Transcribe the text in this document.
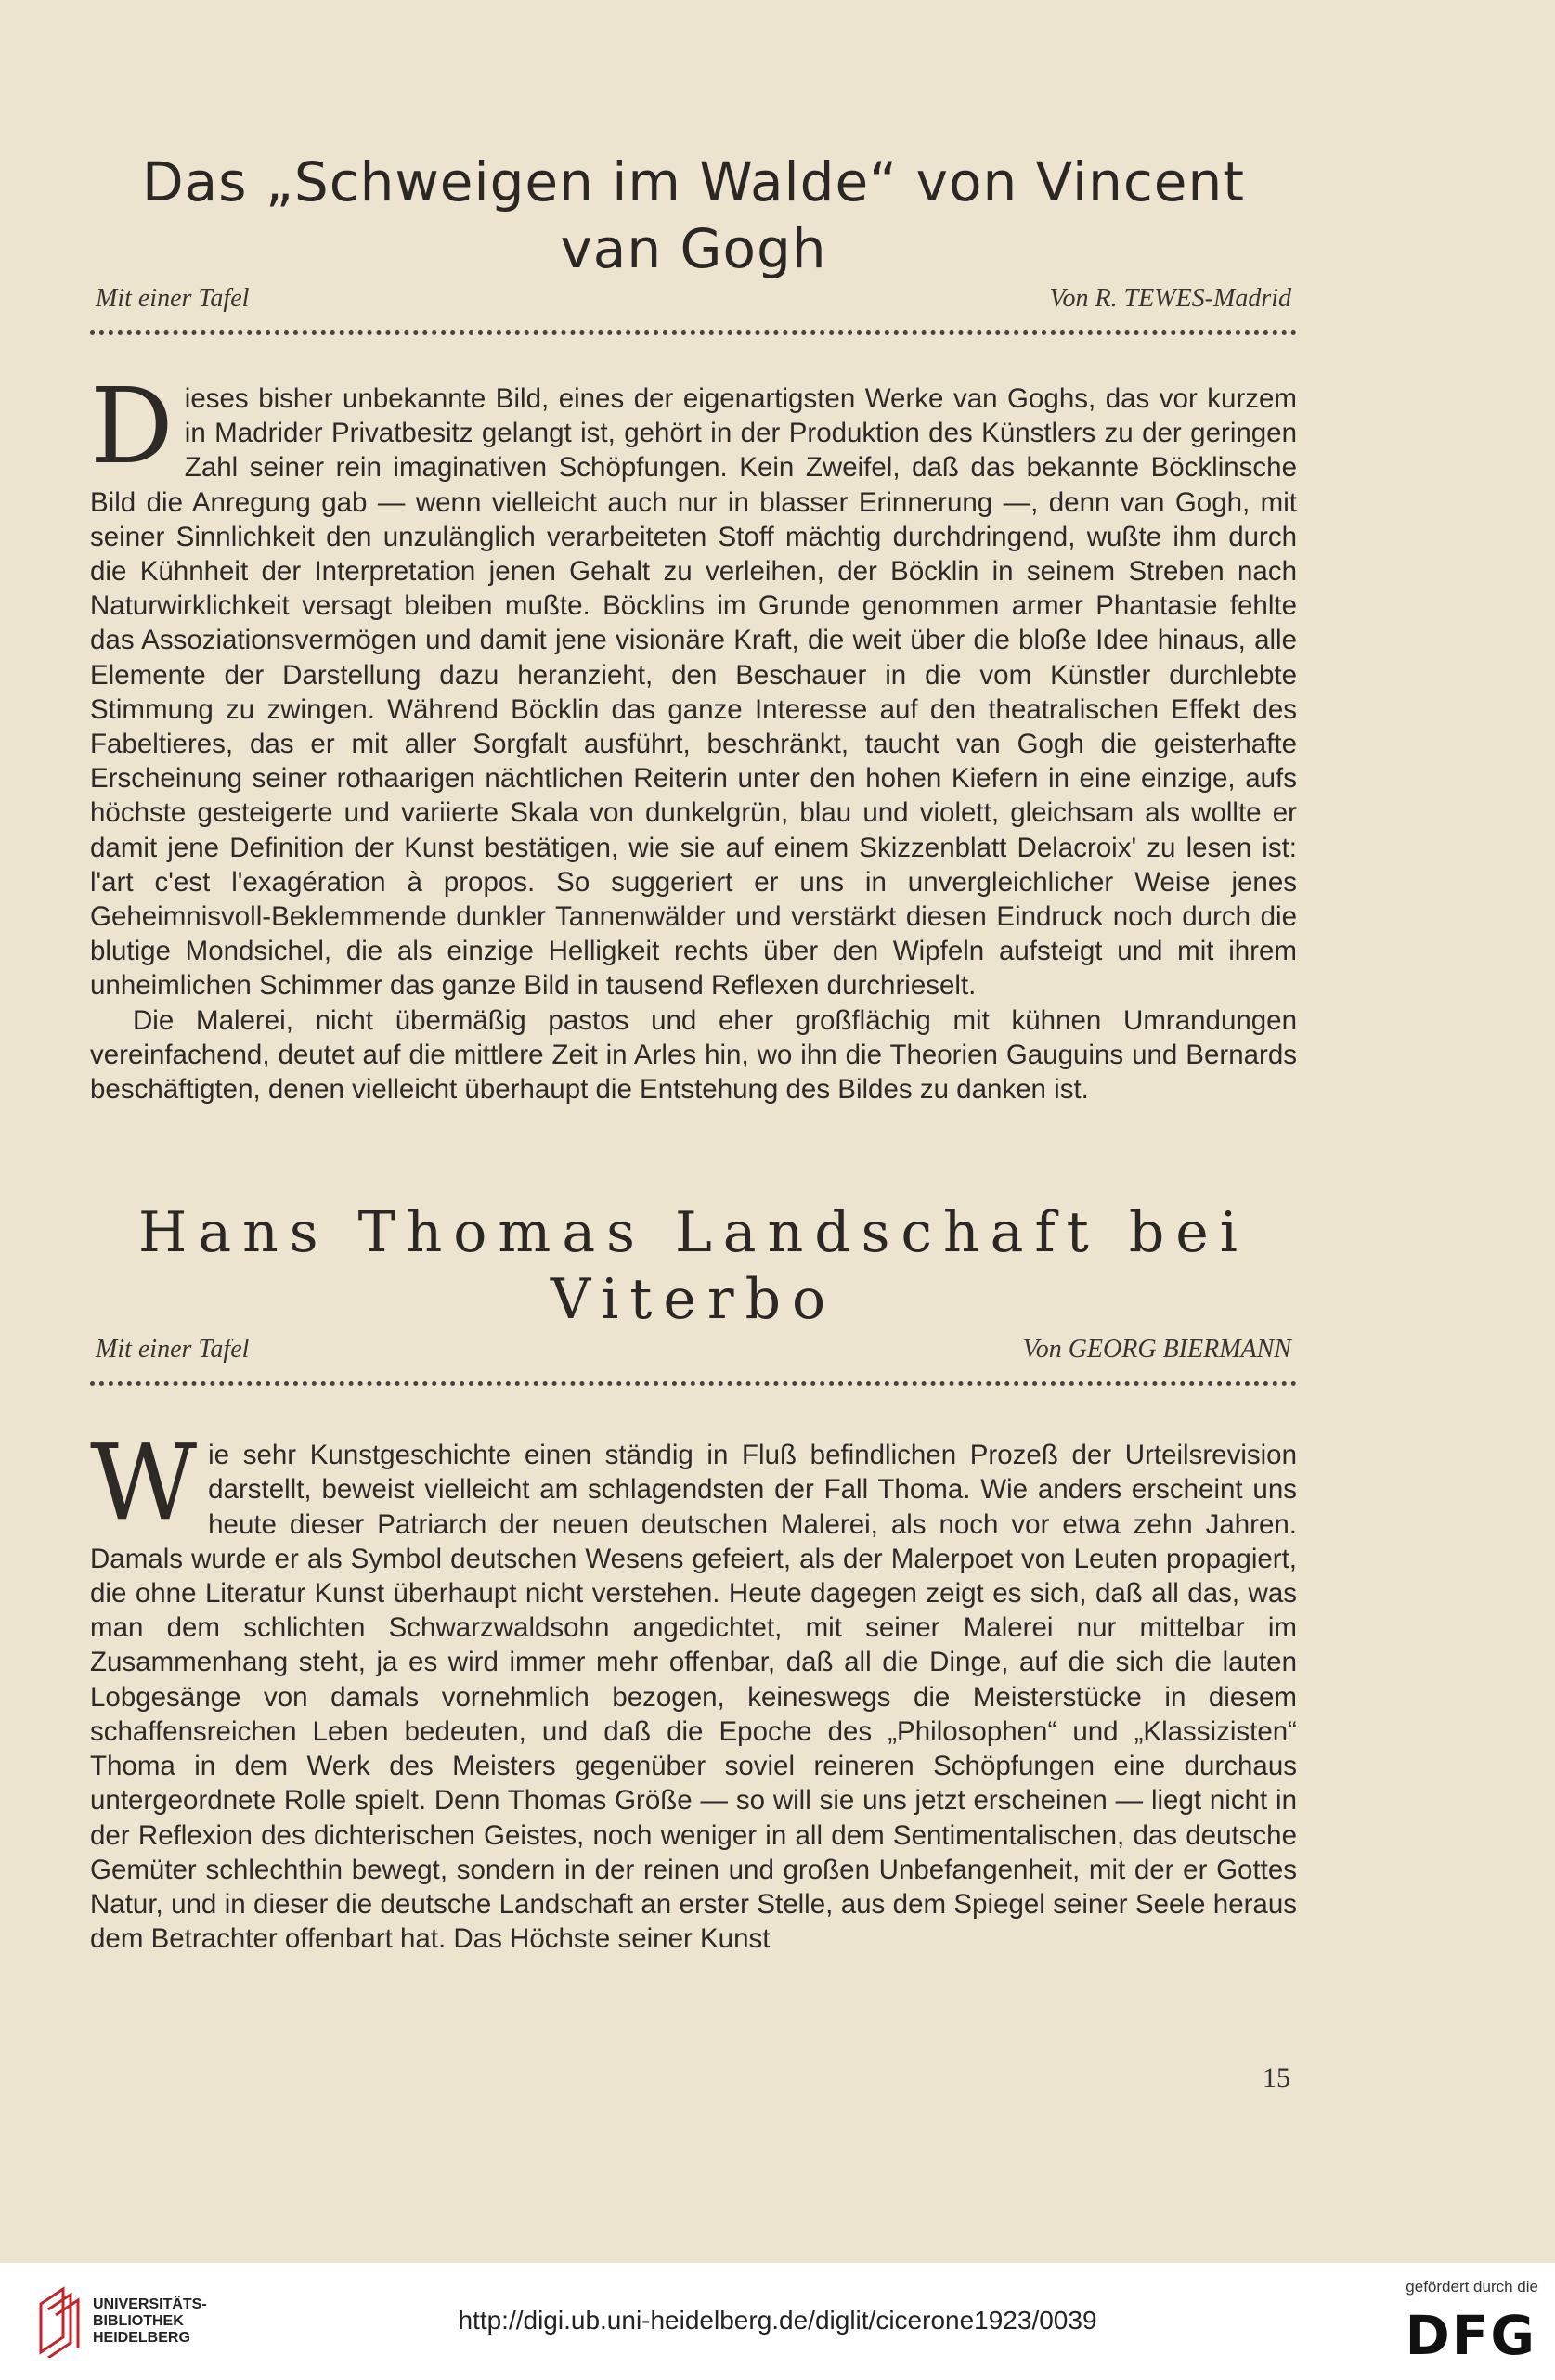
Das „Schweigen im Walde“ von Vincent van Gogh
Mit einer Tafel	Von R. TEWES-Madrid

Dieses bisher unbekannte Bild, eines der eigenartigsten Werke van Goghs, das vor kurzem in Madrider Privatbesitz gelangt ist, gehört in der Produktion des Künstlers zu der geringen Zahl seiner rein imaginativen Schöpfungen. Kein Zweifel, daß das bekannte Böcklinsche Bild die Anregung gab — wenn vielleicht auch nur in blasser Erinnerung —, denn van Gogh, mit seiner Sinnlichkeit den unzulänglich verarbeiteten Stoff mächtig durchdringend, wußte ihm durch die Kühnheit der Interpretation jenen Gehalt zu verleihen, der Böcklin in seinem Streben nach Naturwirklichkeit versagt bleiben mußte. Böcklins im Grunde genommen armer Phantasie fehlte das Assoziationsvermögen und damit jene visionäre Kraft, die weit über die bloße Idee hinaus, alle Elemente der Darstellung dazu heranzieht, den Beschauer in die vom Künstler durchlebte Stimmung zu zwingen. Während Böcklin das ganze Interesse auf den theatralischen Effekt des Fabeltieres, das er mit aller Sorgfalt ausführt, beschränkt, taucht van Gogh die geisterhafte Erscheinung seiner rothaarigen nächtlichen Reiterin unter den hohen Kiefern in eine einzige, aufs höchste gesteigerte und variierte Skala von dunkelgrün, blau und violett, gleichsam als wollte er damit jene Definition der Kunst bestätigen, wie sie auf einem Skizzenblatt Delacroix' zu lesen ist: l'art c'est l'exagération à propos. So suggeriert er uns in unvergleichlicher Weise jenes Geheimnisvoll-Beklemmende dunkler Tannenwälder und verstärkt diesen Eindruck noch durch die blutige Mondsichel, die als einzige Helligkeit rechts über den Wipfeln aufsteigt und mit ihrem unheimlichen Schimmer das ganze Bild in tausend Reflexen durchrieselt.

Die Malerei, nicht übermäßig pastos und eher großflächig mit kühnen Umrandungen vereinfachend, deutet auf die mittlere Zeit in Arles hin, wo ihn die Theorien Gauguins und Bernards beschäftigten, denen vielleicht überhaupt die Entstehung des Bildes zu danken ist.

Hans Thomas Landschaft bei Viterbo
Mit einer Tafel	Von GEORG BIERMANN

Wie sehr Kunstgeschichte einen ständig in Fluß befindlichen Prozeß der Urteilsrevision darstellt, beweist vielleicht am schlagendsten der Fall Thoma. Wie anders erscheint uns heute dieser Patriarch der neuen deutschen Malerei, als noch vor etwa zehn Jahren. Damals wurde er als Symbol deutschen Wesens gefeiert, als der Malerpoet von Leuten propagiert, die ohne Literatur Kunst überhaupt nicht verstehen. Heute dagegen zeigt es sich, daß all das, was man dem schlichten Schwarzwaldsohn angedichtet, mit seiner Malerei nur mittelbar im Zusammenhang steht, ja es wird immer mehr offenbar, daß all die Dinge, auf die sich die lauten Lobgesänge von damals vornehmlich bezogen, keineswegs die Meisterstücke in diesem schaffensreichen Leben bedeuten, und daß die Epoche des „Philosophen“ und „Klassizisten“ Thoma in dem Werk des Meisters gegenüber soviel reineren Schöpfungen eine durchaus untergeordnete Rolle spielt. Denn Thomas Größe — so will sie uns jetzt erscheinen — liegt nicht in der Reflexion des dichterischen Geistes, noch weniger in all dem Sentimentalischen, das deutsche Gemüter schlechthin bewegt, sondern in der reinen und großen Unbefangenheit, mit der er Gottes Natur, und in dieser die deutsche Landschaft an erster Stelle, aus dem Spiegel seiner Seele heraus dem Betrachter offenbart hat. Das Höchste seiner Kunst

15
UNIVERSITÄTS-
BIBLIOTHEK
HEIDELBERG
http://digi.ub.uni-heidelberg.de/diglit/cicerone1923/0039
gefördert durch die
DFG
